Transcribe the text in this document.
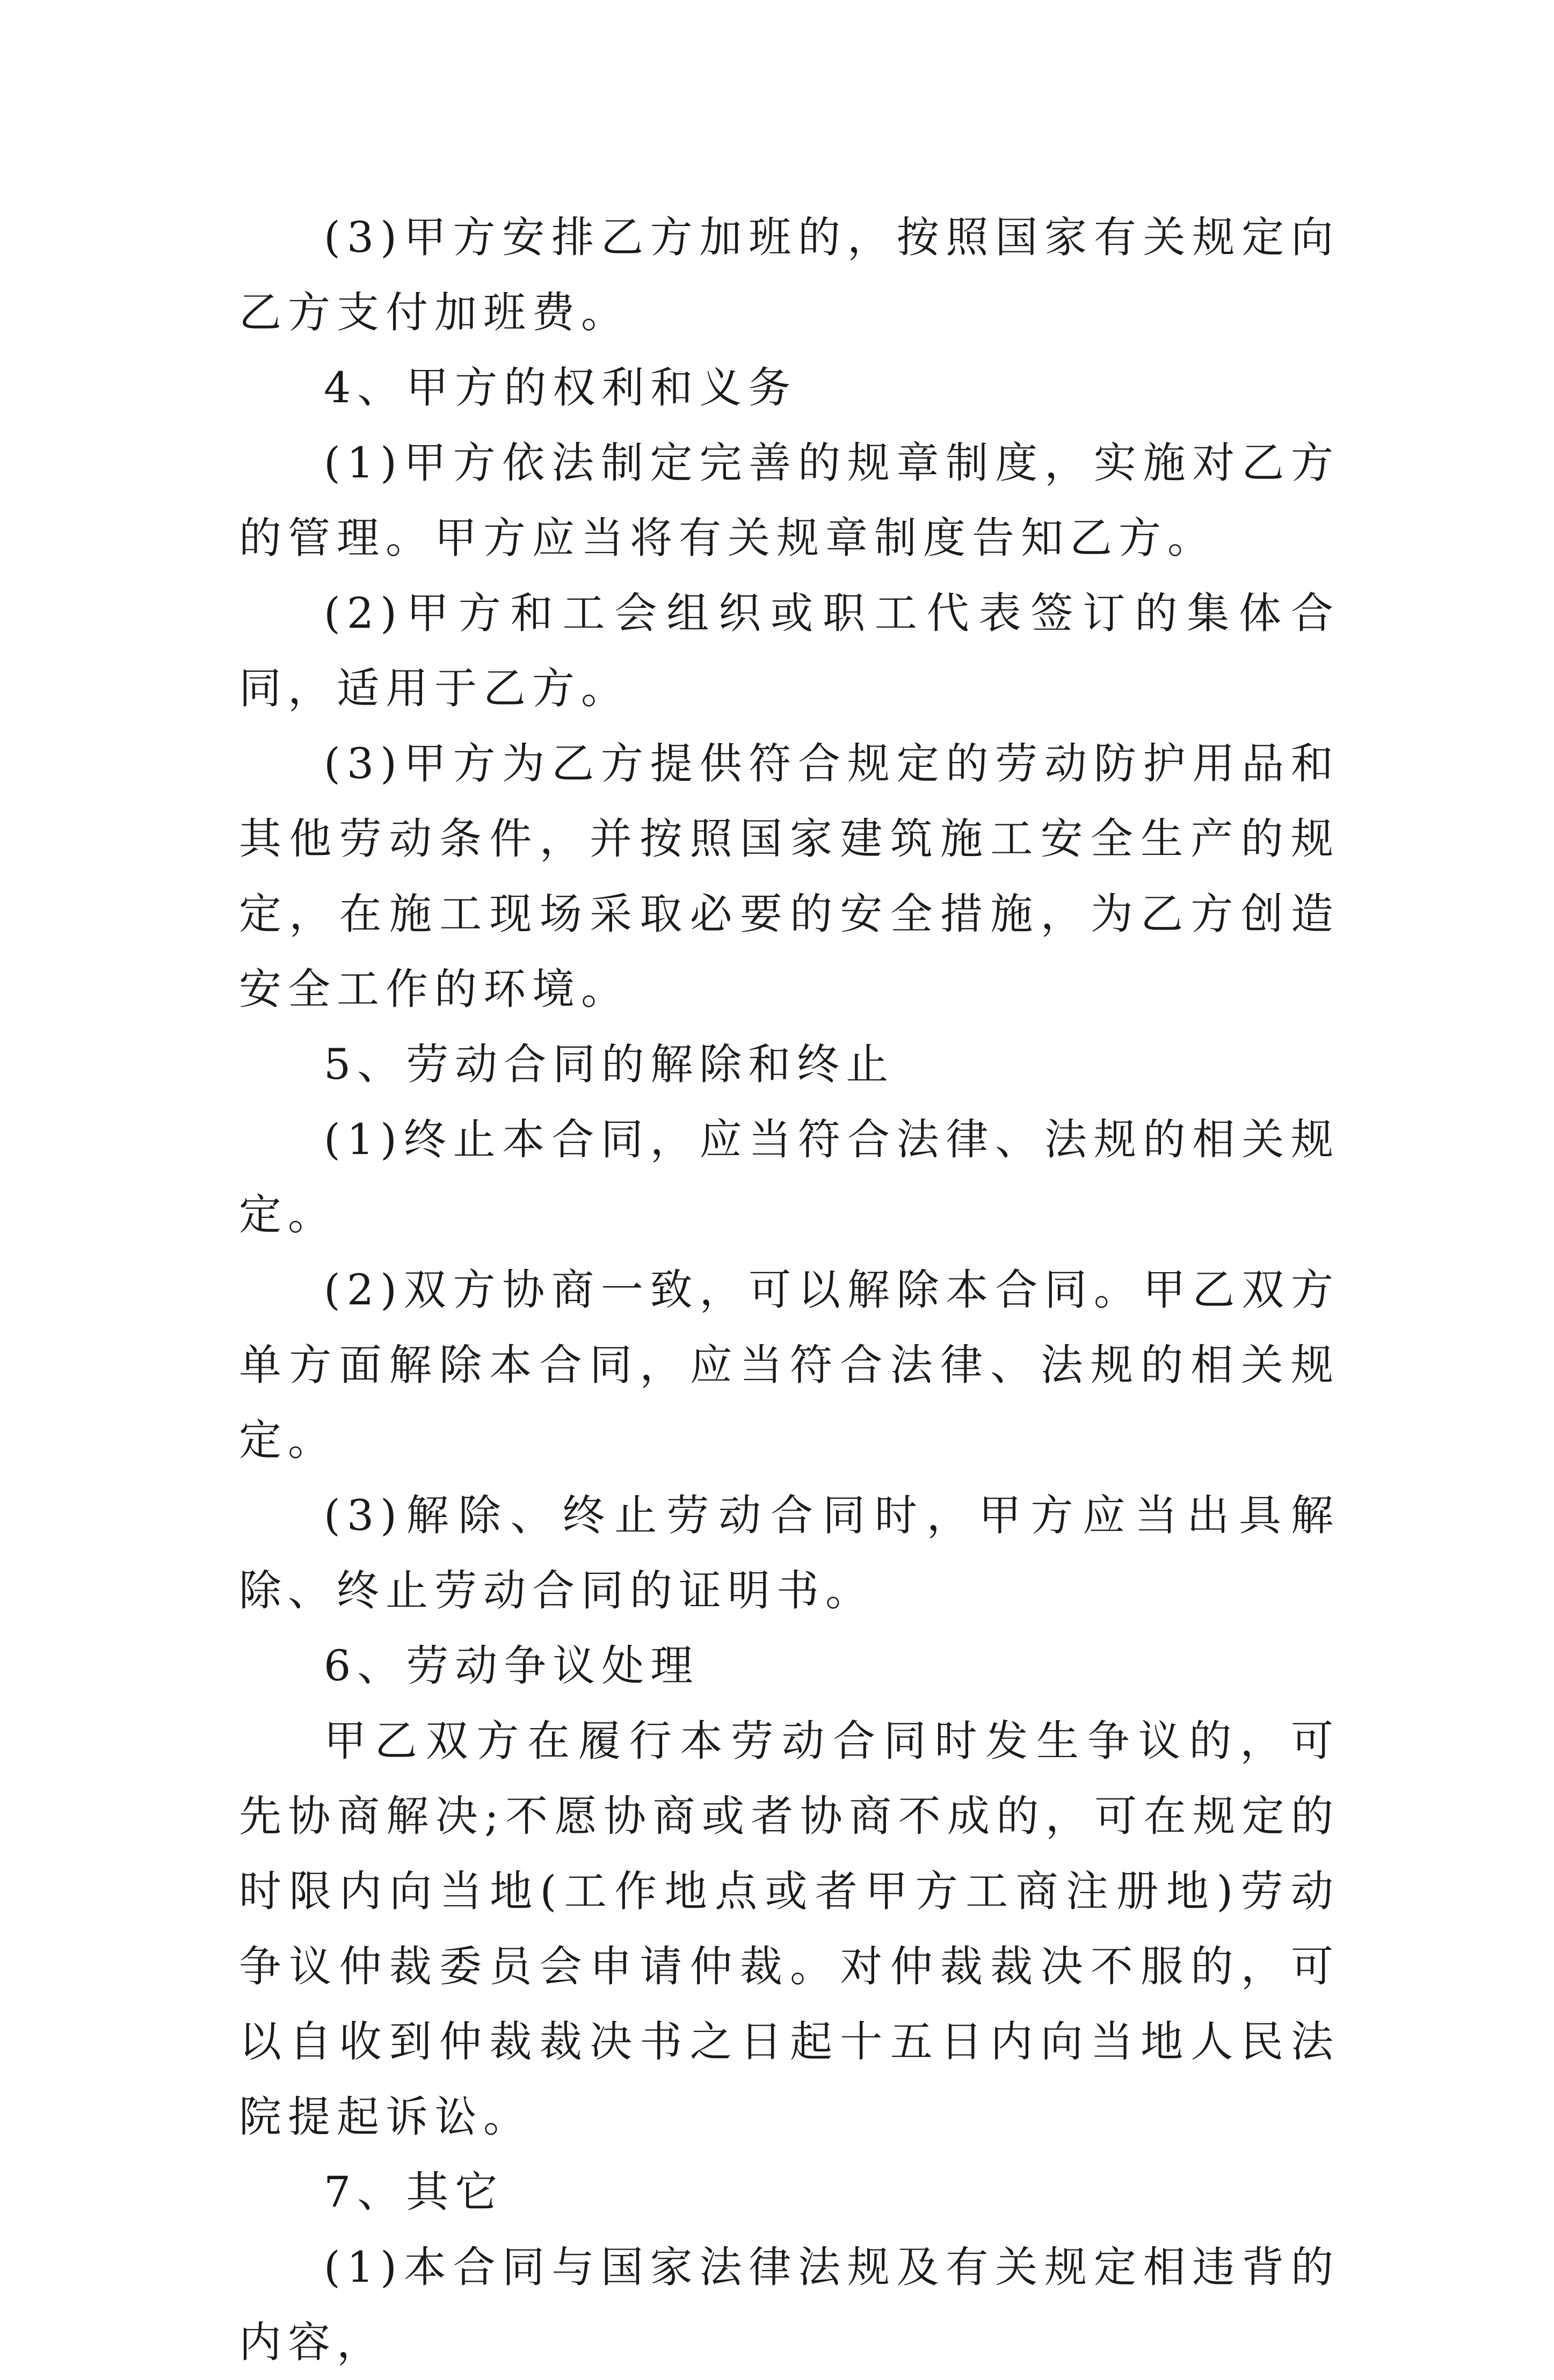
(3)甲方安排乙方加班的，按照国家有关规定向乙方支付加班费。

4、甲方的权利和义务

(1)甲方依法制定完善的规章制度，实施对乙方的管理。甲方应当将有关规章制度告知乙方。

(2)甲方和工会组织或职工代表签订的集体合同，适用于乙方。

(3)甲方为乙方提供符合规定的劳动防护用品和其他劳动条件，并按照国家建筑施工安全生产的规定，在施工现场采取必要的安全措施，为乙方创造安全工作的环境。

5、劳动合同的解除和终止

(1)终止本合同，应当符合法律、法规的相关规定。

(2)双方协商一致，可以解除本合同。甲乙双方单方面解除本合同，应当符合法律、法规的相关规定。

(3)解除、终止劳动合同时，甲方应当出具解除、终止劳动合同的证明书。

6、劳动争议处理

甲乙双方在履行本劳动合同时发生争议的，可先协商解决;不愿协商或者协商不成的，可在规定的时限内向当地(工作地点或者甲方工商注册地)劳动争议仲裁委员会申请仲裁。对仲裁裁决不服的，可以自收到仲裁裁决书之日起十五日内向当地人民法院提起诉讼。

7、其它

(1)本合同与国家法律法规及有关规定相违背的内容，
